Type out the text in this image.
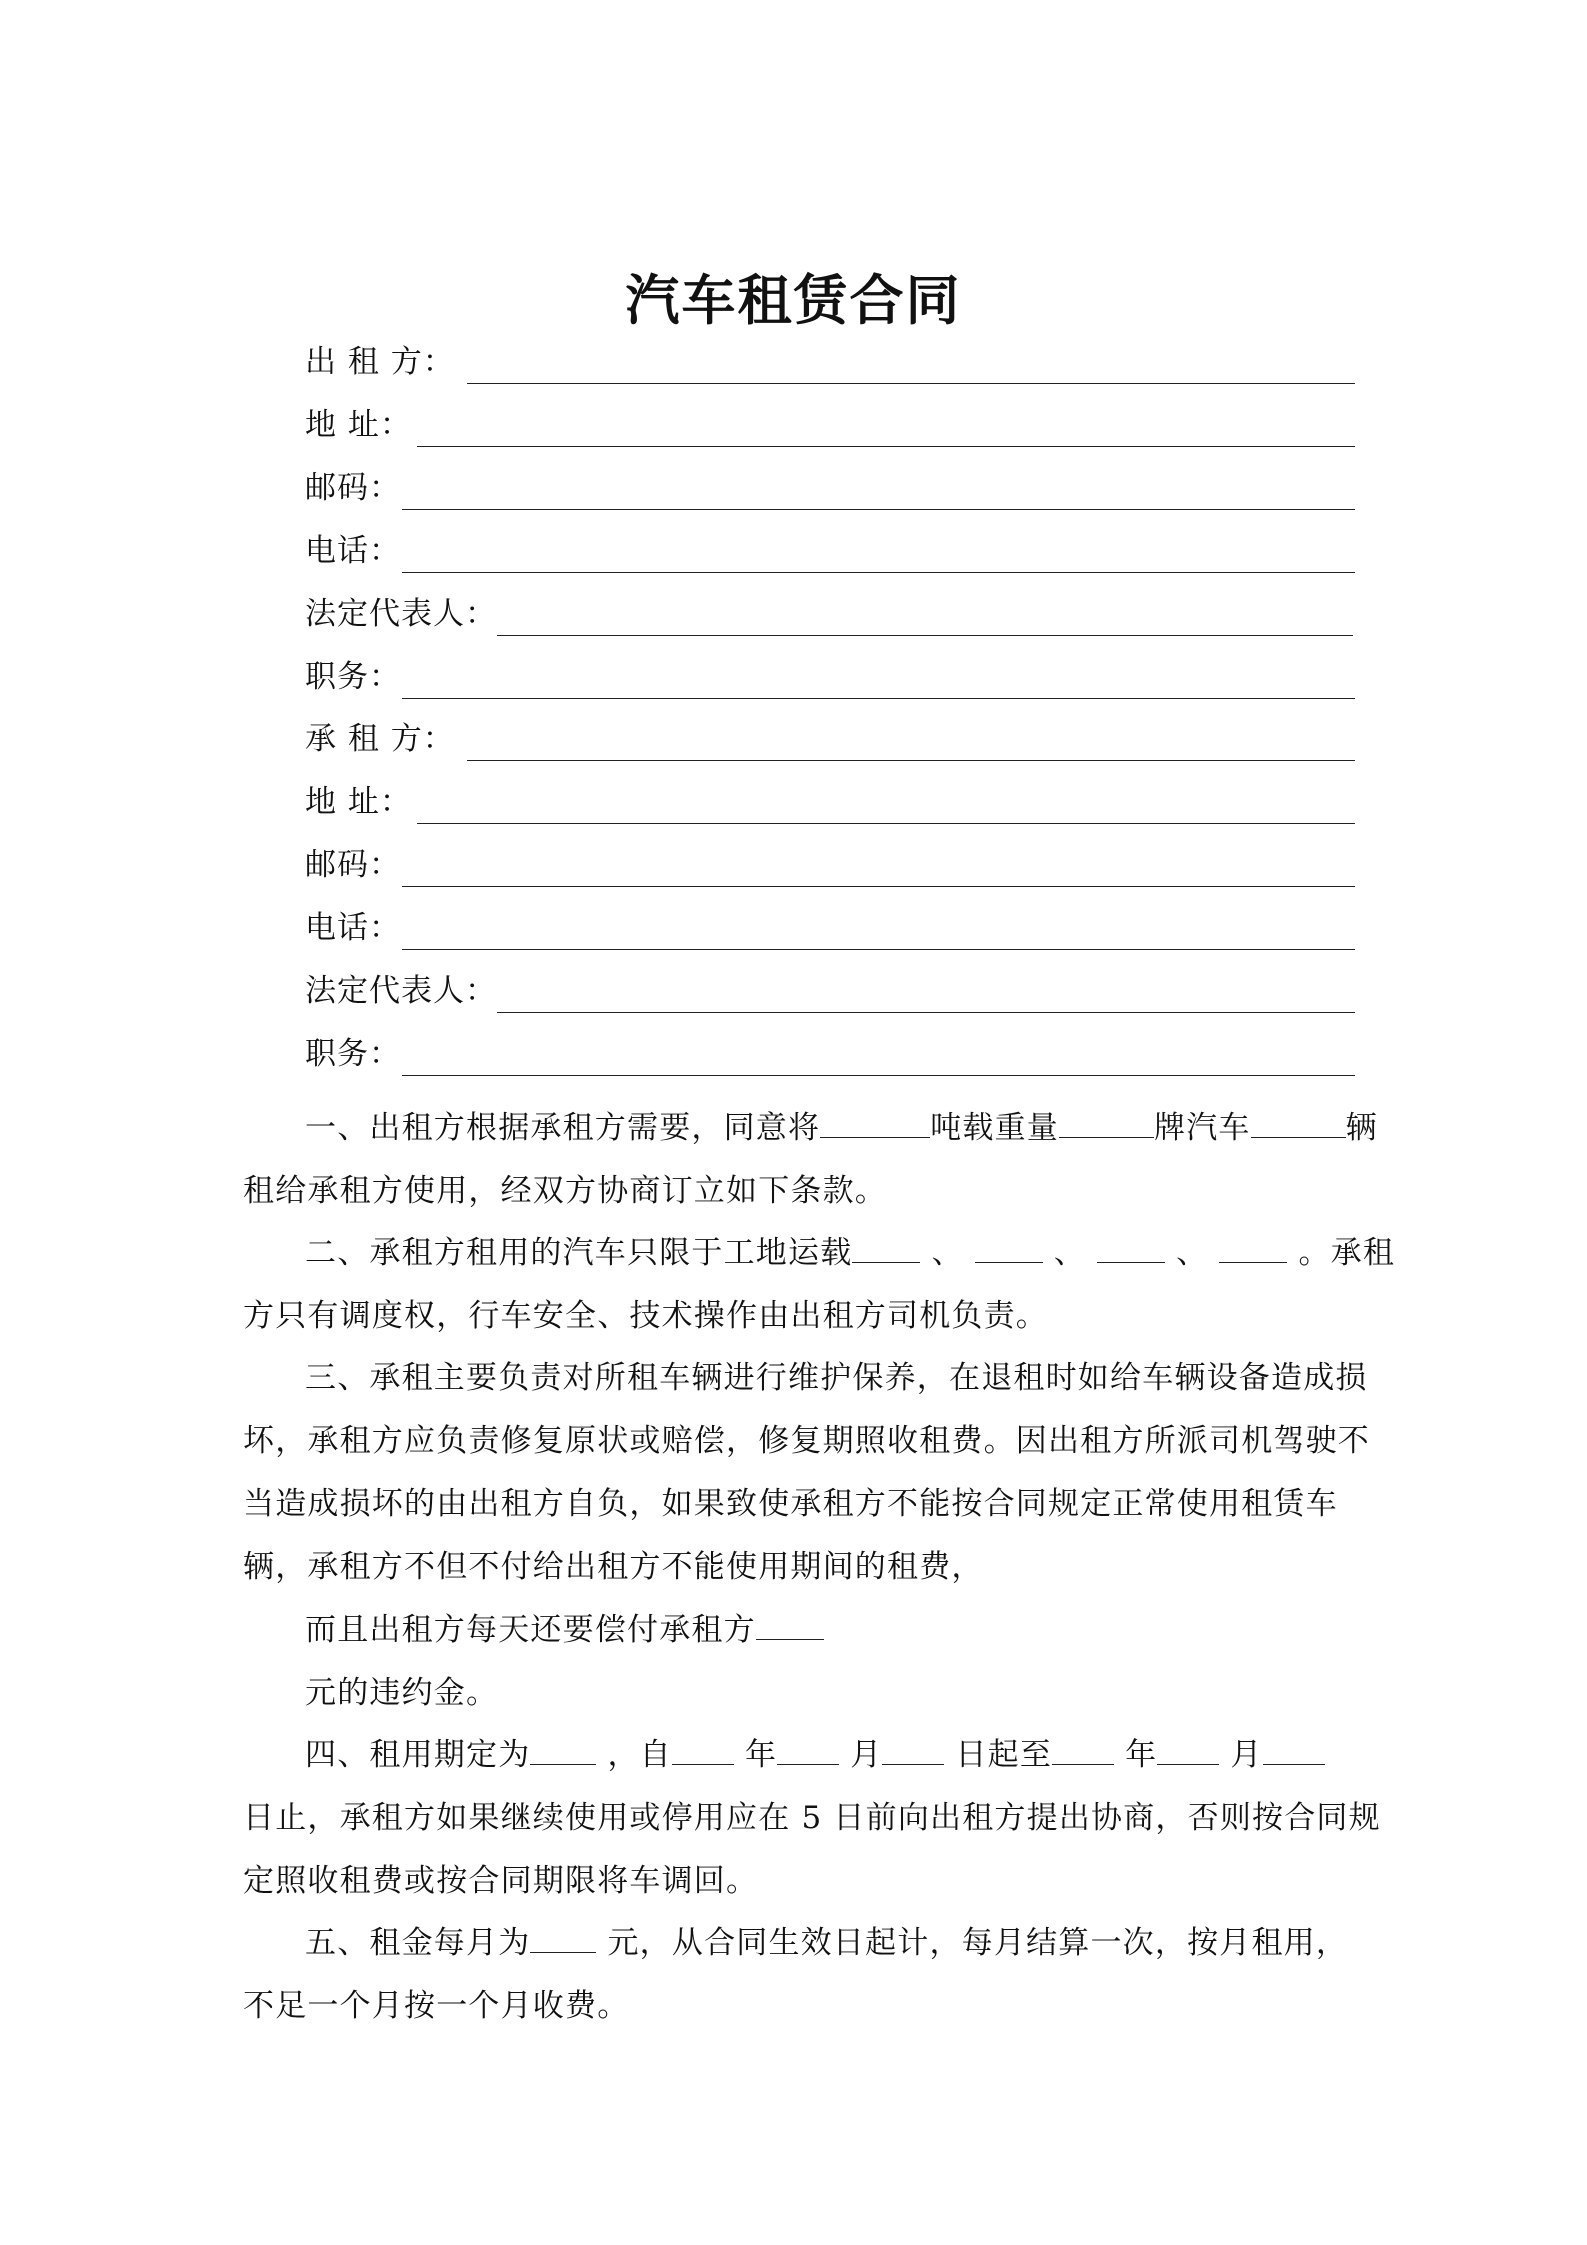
汽车租赁合同
出 租 方：
地 址：
邮码：
电话：
法定代表人：
职务：
承 租 方：
地 址：
邮码：
电话：
法定代表人：
职务：
一、出租方根据承租方需要，同意将	吨载重量	牌汽车	辆
租给承租方使用，经双方协商订立如下条款。
二、承租方租用的汽车只限于工地运载	、	、	、	。承租
方只有调度权，行车安全、技术操作由出租方司机负责。
三、承租主要负责对所租车辆进行维护保养，在退租时如给车辆设备造成损
坏，承租方应负责修复原状或赔偿，修复期照收租费。因出租方所派司机驾驶不
当造成损坏的由出租方自负，如果致使承租方不能按合同规定正常使用租赁车
辆，承租方不但不付给出租方不能使用期间的租费，
而且出租方每天还要偿付承租方
元的违约金。
四、租用期定为 ，自 年 月 日起至 年 月
日止，承租方如果继续使用或停用应在 5 日前向出租方提出协商，否则按合同规
定照收租费或按合同期限将车调回。
五、租金每月为 元，从合同生效日起计，每月结算一次，按月租用，
不足一个月按一个月收费。
